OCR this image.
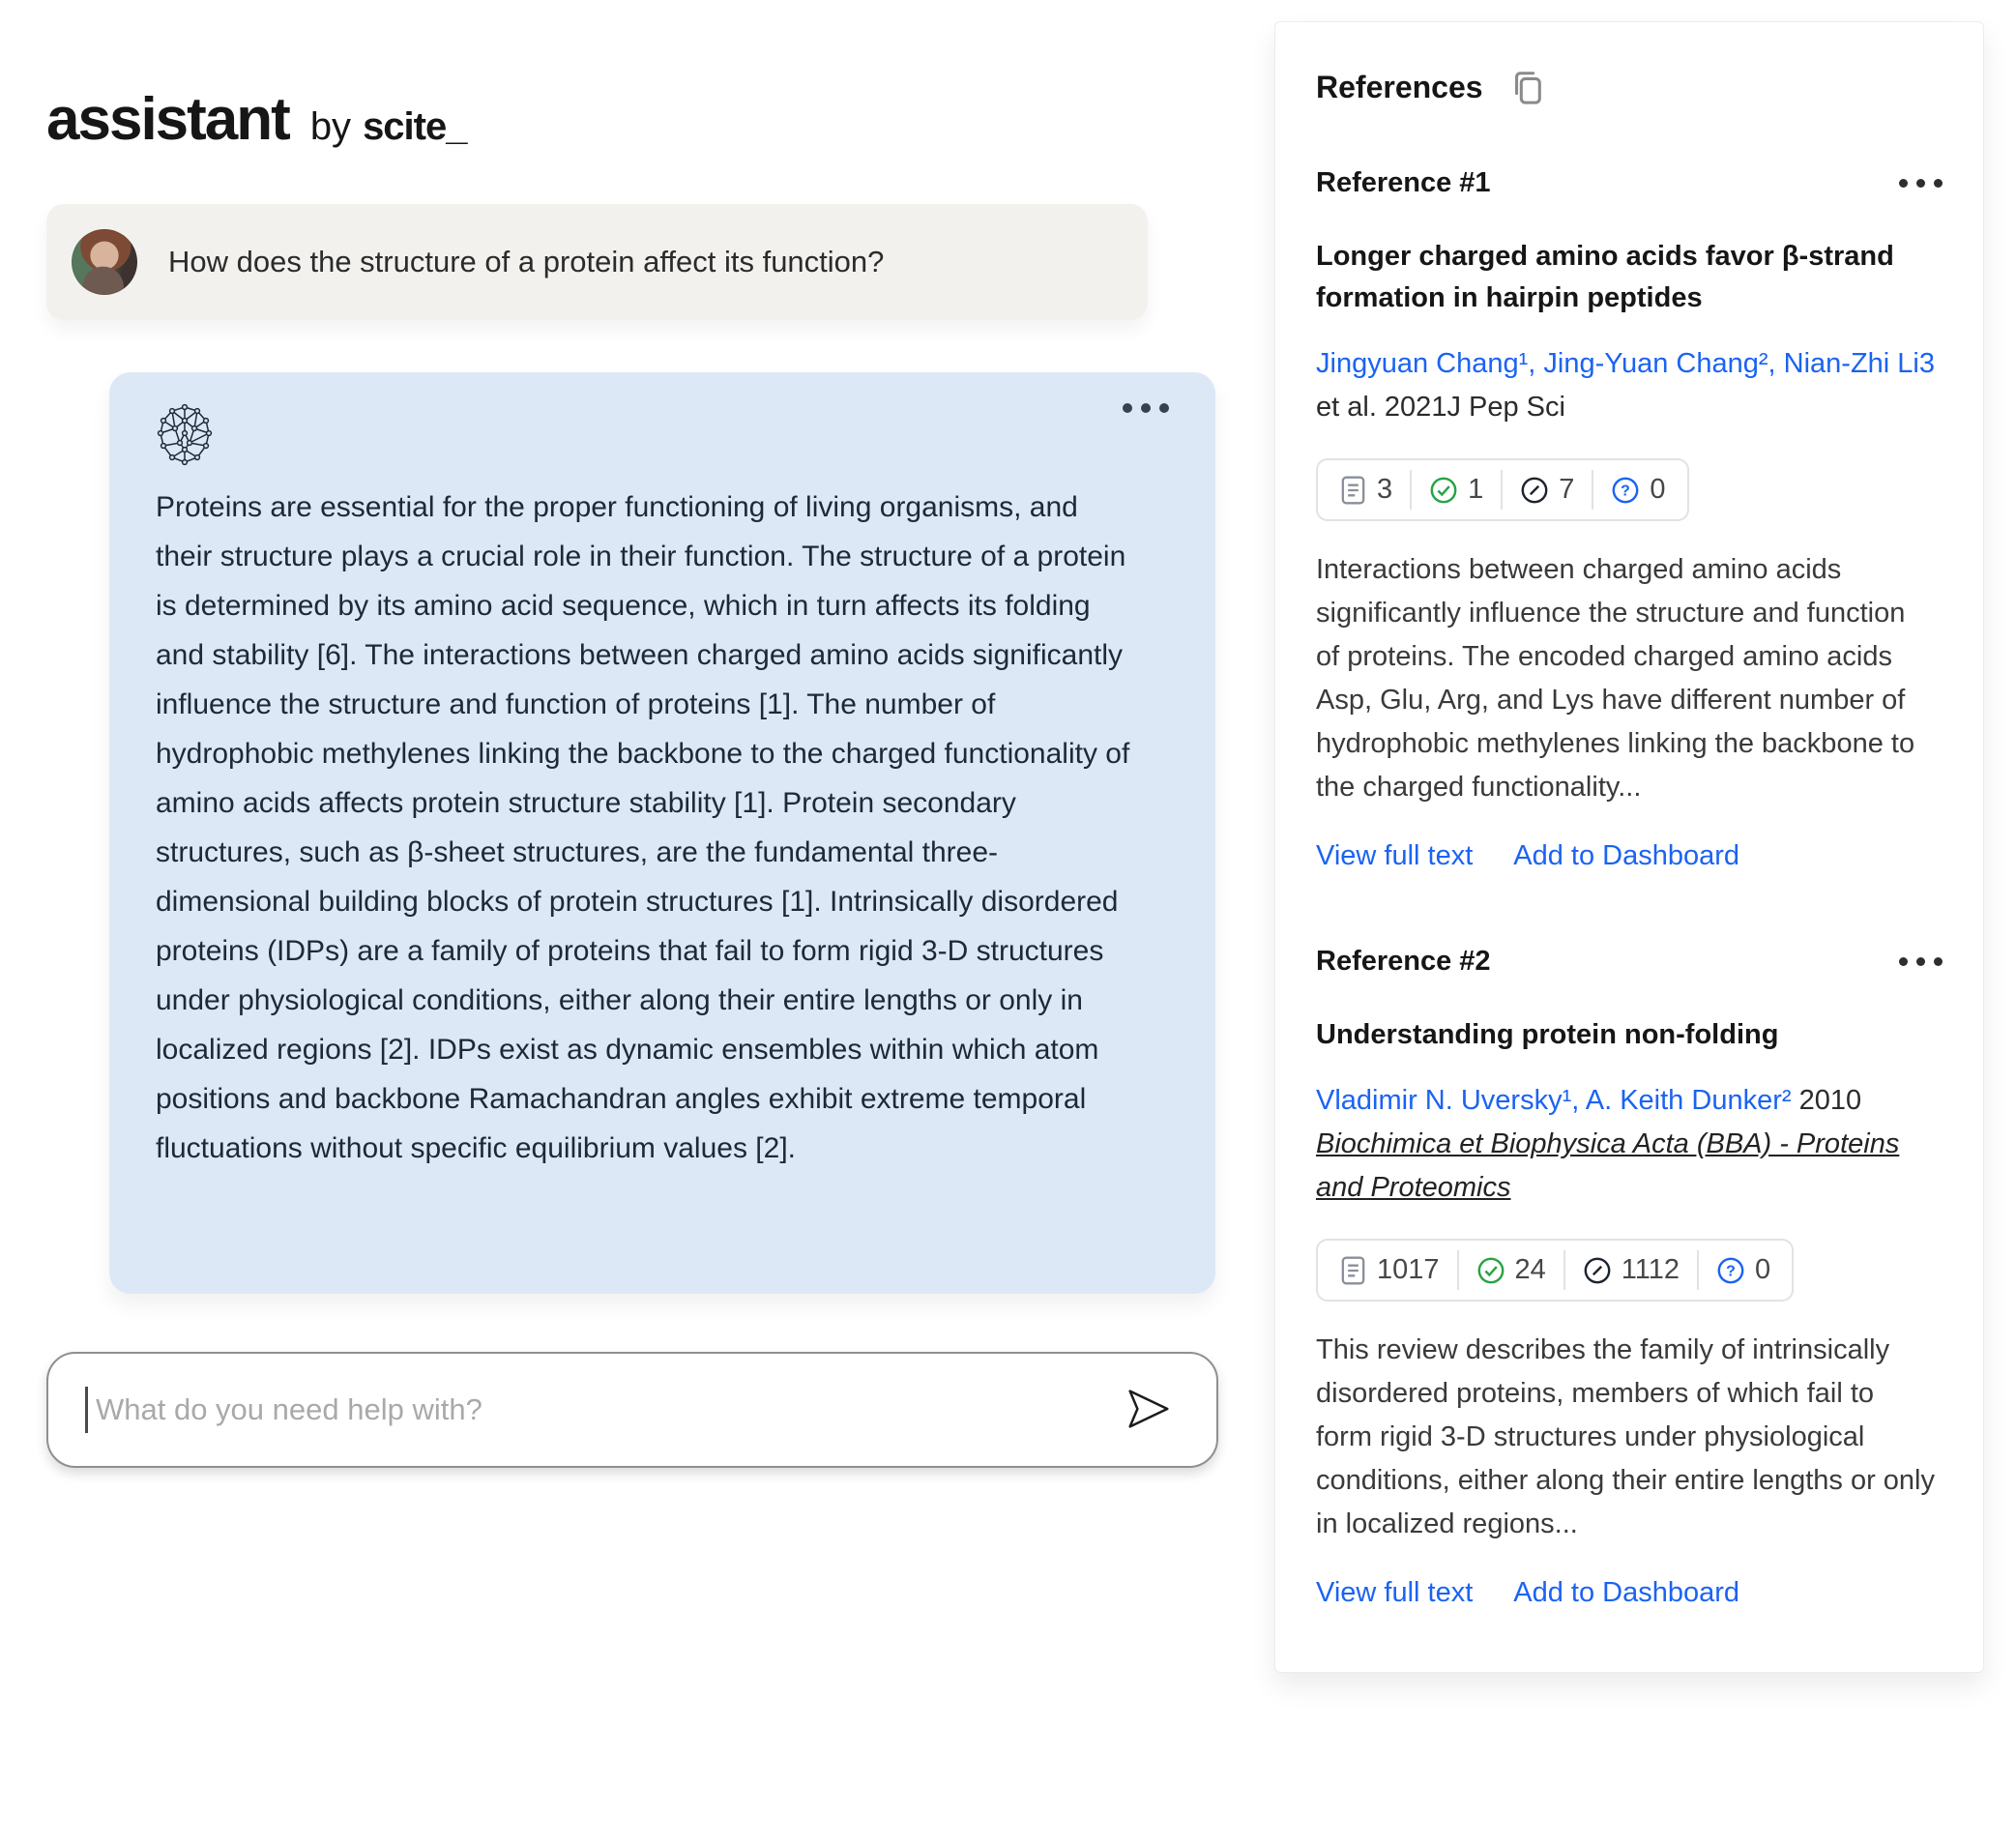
assistant by scite_
How does the structure of a protein affect its function?
Proteins are essential for the proper functioning of living organisms, and their structure plays a crucial role in their function. The structure of a protein is determined by its amino acid sequence, which in turn affects its folding and stability [6]. The interactions between charged amino acids significantly influence the structure and function of proteins [1]. The number of hydrophobic methylenes linking the backbone to the charged functionality of amino acids affects protein structure stability [1]. Protein secondary structures, such as β-sheet structures, are the fundamental three-dimensional building blocks of protein structures [1]. Intrinsically disordered proteins (IDPs) are a family of proteins that fail to form rigid 3-D structures under physiological conditions, either along their entire lengths or only in localized regions [2]. IDPs exist as dynamic ensembles within which atom positions and backbone Ramachandran angles exhibit extreme temporal fluctuations without specific equilibrium values [2].
What do you need help with?
References
Reference #1
Longer charged amino acids favor β-strand formation in hairpin peptides
Jingyuan Chang¹, Jing-Yuan Chang², Nian-Zhi Li3 et al. 2021J Pep Sci
3	1	7	? 0
Interactions between charged amino acids significantly influence the structure and function of proteins. The encoded charged amino acids Asp, Glu, Arg, and Lys have different number of hydrophobic methylenes linking the backbone to the charged functionality...
View full text Add to Dashboard
Reference #2
Understanding protein non-folding
Vladimir N. Uversky¹, A. Keith Dunker² 2010 Biochimica et Biophysica Acta (BBA) - Proteins and Proteomics
1017	24	1112	? 0
This review describes the family of intrinsically disordered proteins, members of which fail to form rigid 3-D structures under physiological conditions, either along their entire lengths or only in localized regions...
View full text Add to Dashboard
